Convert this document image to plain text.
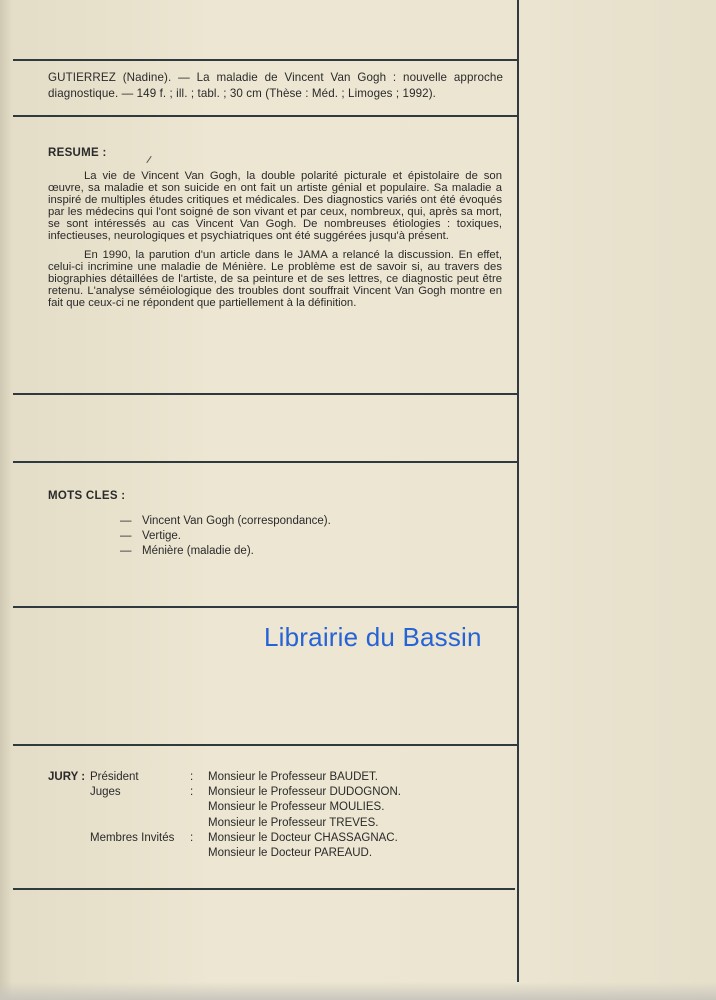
GUTIERREZ (Nadine). — La maladie de Vincent Van Gogh : nouvelle approche diagnostique. — 149 f. ; ill. ; tabl. ; 30 cm (Thèse : Méd. ; Limoges ; 1992).
RESUME :

La vie de Vincent Van Gogh, la double polarité picturale et épistolaire de son œuvre, sa maladie et son suicide en ont fait un artiste génial et populaire. Sa maladie a inspiré de multiples études critiques et médicales. Des diagnostics variés ont été évoqués par les médecins qui l'ont soigné de son vivant et par ceux, nombreux, qui, après sa mort, se sont intéressés au cas Vincent Van Gogh. De nombreuses étiologies : toxiques, infectieuses, neurologiques et psychiatriques ont été suggérées jusqu'à présent.

En 1990, la parution d'un article dans le JAMA a relancé la discussion. En effet, celui-ci incrimine une maladie de Ménière. Le problème est de savoir si, au travers des biographies détaillées de l'artiste, de sa peinture et de ses lettres, ce diagnostic peut être retenu. L'analyse séméiologique des troubles dont souffrait Vincent Van Gogh montre en fait que ceux-ci ne répondent que partiellement à la définition.

MOTS CLES :
— Vincent Van Gogh (correspondance).
— Vertige.
— Ménière (maladie de).
Librairie du Bassin
JURY : Président	: Monsieur le Professeur BAUDET.
Juges	: Monsieur le Professeur DUDOGNON.
Monsieur le Professeur MOULIES.
Monsieur le Professeur TREVES.
Membres Invités : Monsieur le Docteur CHASSAGNAC.
Monsieur le Docteur PAREAUD.
